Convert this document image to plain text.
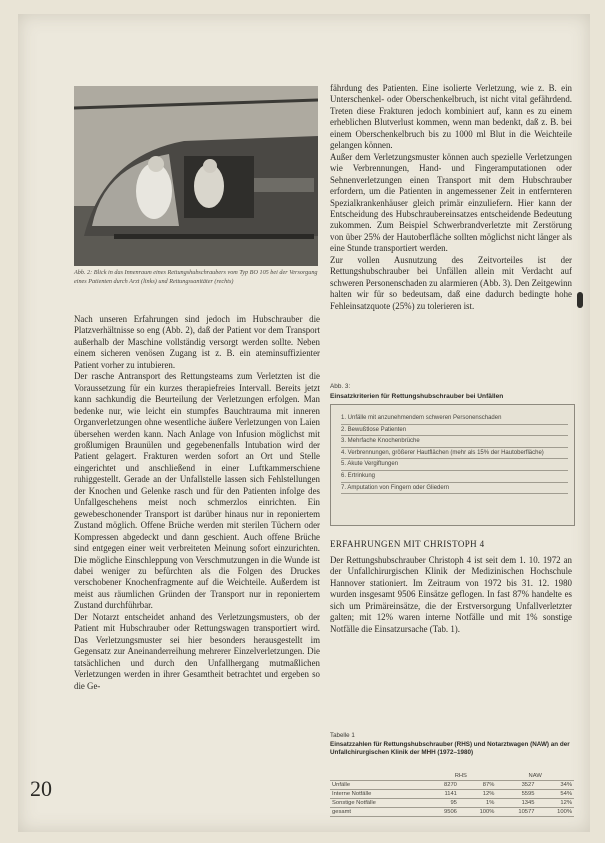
Abb. 2: Blick in das Innenraum eines Rettungshubschraubers vom Typ BO 105 bei der Versorgung eines Patienten durch Arzt (links) und Rettungssanitäter (rechts)

Nach unseren Erfahrungen sind jedoch im Hubschrauber die Platzverhältnisse so eng (Abb. 2), daß der Patient vor dem Transport außerhalb der Maschine vollständig versorgt werden sollte. Neben einem sicheren venösen Zugang ist z. B. ein ateminsuffizienter Patient vorher zu intubieren.

Der rasche Antransport des Rettungsteams zum Verletzten ist die Voraussetzung für ein kurzes therapiefreies Intervall. Bereits jetzt kann sachkundig die Beurteilung der Verletzungen erfolgen. Man bedenke nur, wie leicht ein stumpfes Bauchtrauma mit inneren Organverletzungen ohne wesentliche äußere Verletzungen von Laien übersehen werden kann. Nach Anlage von Infusion möglichst mit großlumigen Braunülen und gegebenenfalls Intubation wird der Patient gelagert. Frakturen werden sofort an Ort und Stelle eingerichtet und anschließend in einer Luftkammerschiene ruhiggestellt. Gerade an der Unfallstelle lassen sich Fehlstellungen der Knochen und Gelenke rasch und für den Patienten infolge des Unfallgeschehens meist noch schmerzlos einrichten. Ein gewebeschonender Transport ist darüber hinaus nur in reponiertem Zustand möglich. Offene Brüche werden mit sterilen Tüchern oder Kompressen abgedeckt und dann geschient. Auch offene Brüche sind entgegen einer weit verbreiteten Meinung sofort einzurichten. Die mögliche Einschleppung von Verschmutzungen in die Wunde ist dabei weniger zu befürchten als die Folgen des Druckes verschobener Knochenfragmente auf die Weichteile. Außerdem ist meist aus räumlichen Gründen der Transport nur in reponiertem Zustand durchführbar.

Der Notarzt entscheidet anhand des Verletzungsmusters, ob der Patient mit Hubschrauber oder Rettungswagen transportiert wird. Das Verletzungsmuster sei hier besonders herausgestellt im Gegensatz zur Aneinanderreihung mehrerer Einzelverletzungen. Die tatsächlichen und durch den Unfallhergang mutmaßlichen Verletzungen werden in ihrer Gesamtheit betrachtet und ergeben so die Ge-

fährdung des Patienten. Eine isolierte Verletzung, wie z. B. ein Unterschenkel- oder Oberschenkelbruch, ist nicht vital gefährdend. Treten diese Frakturen jedoch kombiniert auf, kann es zu einem erheblichen Blutverlust kommen, wenn man bedenkt, daß z. B. bei einem Oberschenkelbruch bis zu 1000 ml Blut in die Weichteile gelangen können.

Außer dem Verletzungsmuster können auch spezielle Verletzungen wie Verbrennungen, Hand- und Fingeramputationen oder Sehnenverletzungen einen Transport mit dem Hubschrauber erfordern, um die Patienten in angemessener Zeit in entfernteren Spezialkrankenhäuser gleich primär einzuliefern. Hier kann der Entscheidung des Hubschraubereinsatzes entscheidende Bedeutung zukommen. Zum Beispiel Schwerbrandverletzte mit Zerstörung von über 25% der Hautoberfläche sollten möglichst nicht länger als eine Stunde transportiert werden.

Zur vollen Ausnutzung des Zeitvorteiles ist der Rettungshubschrauber bei Unfällen allein mit Verdacht auf schweren Personenschaden zu alarmieren (Abb. 3). Den Zeitgewinn halten wir für so bedeutsam, daß eine dadurch bedingte hohe Fehleinsatzquote (25%) zu tolerieren ist.

Abb. 3:
Einsatzkriterien für Rettungshubschrauber bei Unfällen
1. Unfälle mit anzunehmendem schweren Personenschaden
2. Bewußtlose Patienten
3. Mehrfache Knochenbrüche
4. Verbrennungen, größerer Hautflächen (mehr als 15% der Hautoberfläche)
5. Akute Vergiftungen
6. Ertrinkung
7. Amputation von Fingern oder Gliedern
ERFAHRUNGEN MIT CHRISTOPH 4

Der Rettungshubschrauber Christoph 4 ist seit dem 1. 10. 1972 an der Unfallchirurgischen Klinik der Medizinischen Hochschule Hannover stationiert. Im Zeitraum von 1972 bis 31. 12. 1980 wurden insgesamt 9506 Einsätze geflogen. In fast 87% handelte es sich um Primäreinsätze, die der Erstversorgung Unfallverletzter galten; mit 12% waren interne Notfälle und mit 1% sonstige Notfälle die Einsatzursache (Tab. 1).

Tabelle 1
Einsatzzahlen für Rettungshubschrauber (RHS) und Notarztwagen (NAW) an der Unfallchirurgischen Klinik der MHH (1972–1980)
	RHS		NAW	
Unfälle	8270	87%	3527	34%
Interne Notfälle	1141	12%	5595	54%
Sonstige Notfälle	95	1%	1345	12%
gesamt	9506	100%	10577	100%
20
